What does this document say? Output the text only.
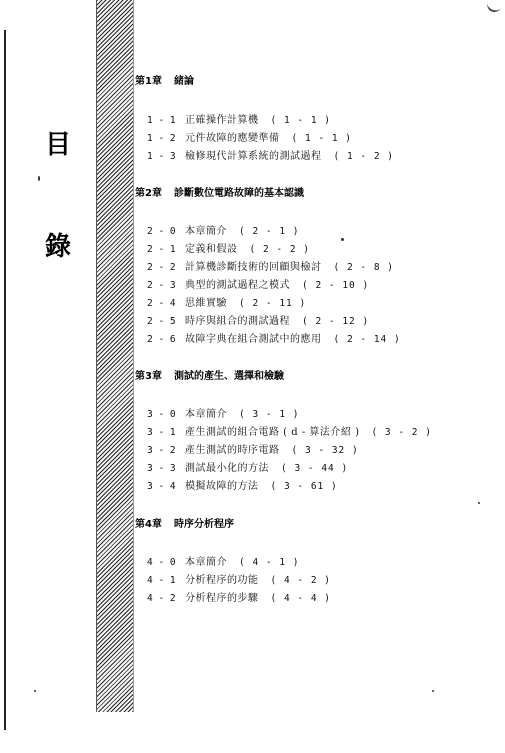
目
錄
第1章 緒論
1 - 1 正確操作計算機 ( 1 - 1 )
1 - 2 元件故障的應變準備 ( 1 - 1 )
1 - 3 檢修現代計算系統的測試過程 ( 1 - 2 )
第2章 診斷數位電路故障的基本認識
2 - 0 本章簡介 ( 2 - 1 )
2 - 1 定義和假設 ( 2 - 2 )
2 - 2 計算機診斷技術的回顧與檢討 ( 2 - 8 )
2 - 3 典型的測試過程之模式 ( 2 - 10 )
2 - 4 思維實驗 ( 2 - 11 )
2 - 5 時序與組合的測試過程 ( 2 - 12 )
2 - 6 故障字典在組合測試中的應用 ( 2 - 14 )
第3章 測試的產生、選擇和檢驗
3 - 0 本章簡介 ( 3 - 1 )
3 - 1 產生測試的組合電路 ( d - 算法介紹 ) ( 3 - 2 )
3 - 2 產生測試的時序電路 ( 3 - 32 )
3 - 3 測試最小化的方法 ( 3 - 44 )
3 - 4 模擬故障的方法 ( 3 - 61 )
第4章 時序分析程序
4 - 0 本章簡介 ( 4 - 1 )
4 - 1 分析程序的功能 ( 4 - 2 )
4 - 2 分析程序的步驟 ( 4 - 4 )
